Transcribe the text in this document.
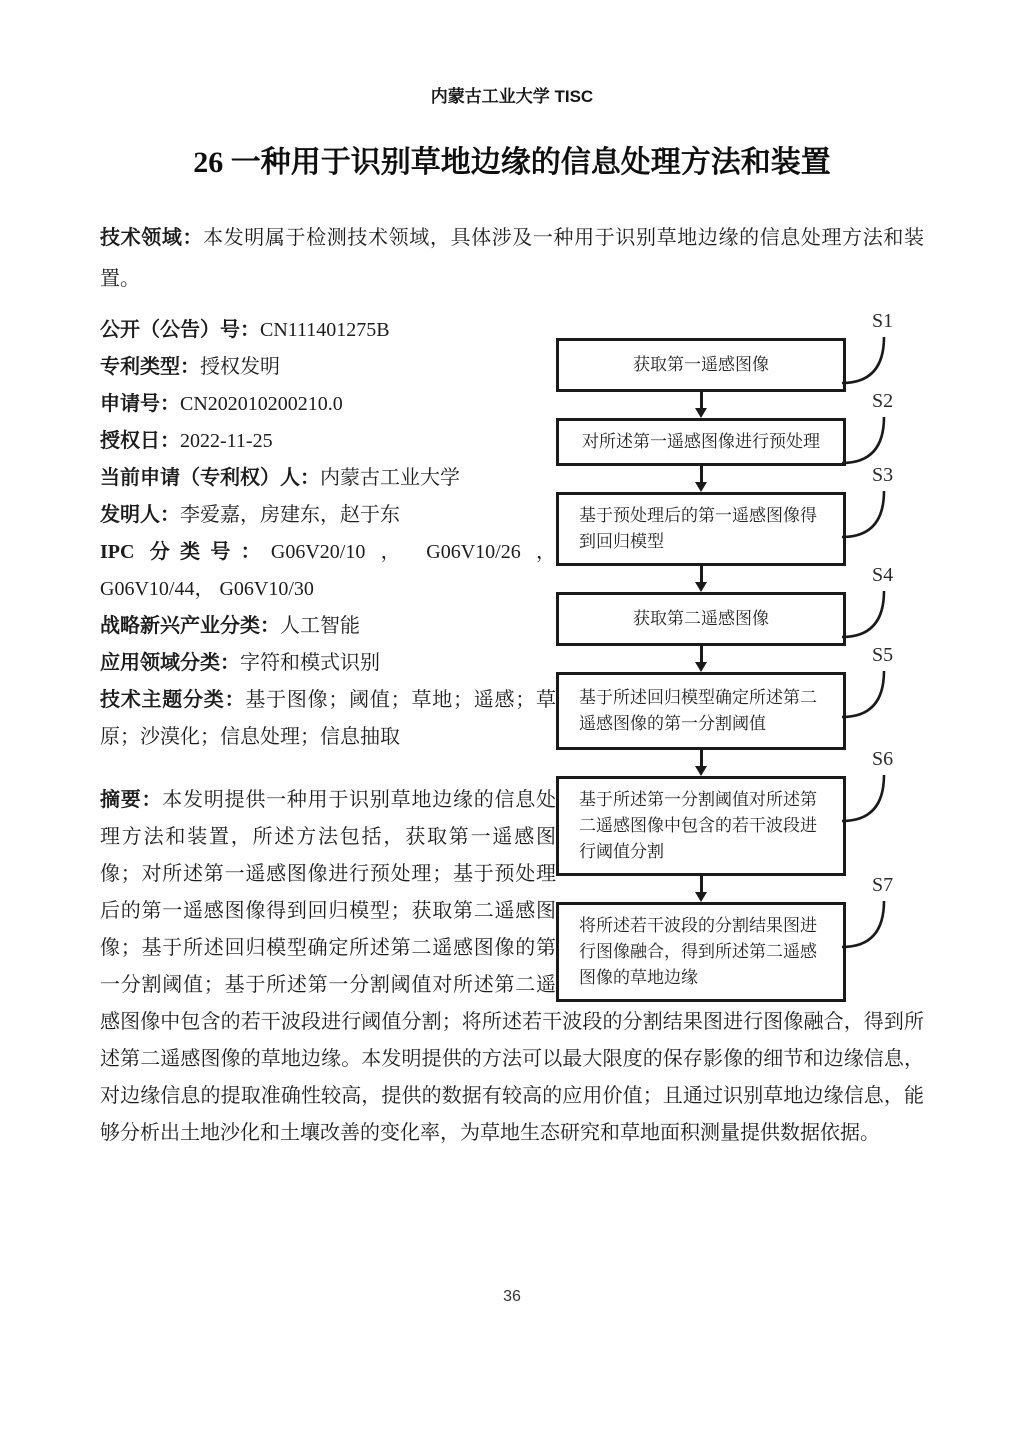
内蒙古工业大学 TISC
26 一种用于识别草地边缘的信息处理方法和装置

技术领域：本发明属于检测技术领域，具体涉及一种用于识别草地边缘的信息处理方法和装置。

获取第一遥感图像
S1
对所述第一遥感图像进行预处理
S2
基于预处理后的第一遥感图像得到回归模型
S3
获取第二遥感图像
S4
基于所述回归模型确定所述第二遥感图像的第一分割阈值
S5
基于所述第一分割阈值对所述第二遥感图像中包含的若干波段进行阈值分割
S6
将所述若干波段的分割结果图进行图像融合，得到所述第二遥感图像的草地边缘
S7

公开（公告）号：CN111401275B

专利类型：授权发明

申请号：CN202010200210.0

授权日：2022-11-25

当前申请（专利权）人：内蒙古工业大学

发明人：李爱嘉，房建东，赵于东

IPC 分类号：G06V20/10 ， G06V10/26 ，G06V10/44， G06V10/30

战略新兴产业分类：人工智能

应用领域分类：字符和模式识别

技术主题分类：基于图像；阈值；草地；遥感；草原；沙漠化；信息处理；信息抽取

摘要：本发明提供一种用于识别草地边缘的信息处理方法和装置，所述方法包括，获取第一遥感图像；对所述第一遥感图像进行预处理；基于预处理后的第一遥感图像得到回归模型；获取第二遥感图像；基于所述回归模型确定所述第二遥感图像的第一分割阈值；基于所述第一分割阈值对所述第二遥感图像中包含的若干波段进行阈值分割；将所述若干波段的分割结果图进行图像融合，得到所述第二遥感图像的草地边缘。本发明提供的方法可以最大限度的保存影像的细节和边缘信息，对边缘信息的提取准确性较高，提供的数据有较高的应用价值；且通过识别草地边缘信息，能够分析出土地沙化和土壤改善的变化率，为草地生态研究和草地面积测量提供数据依据。

36
